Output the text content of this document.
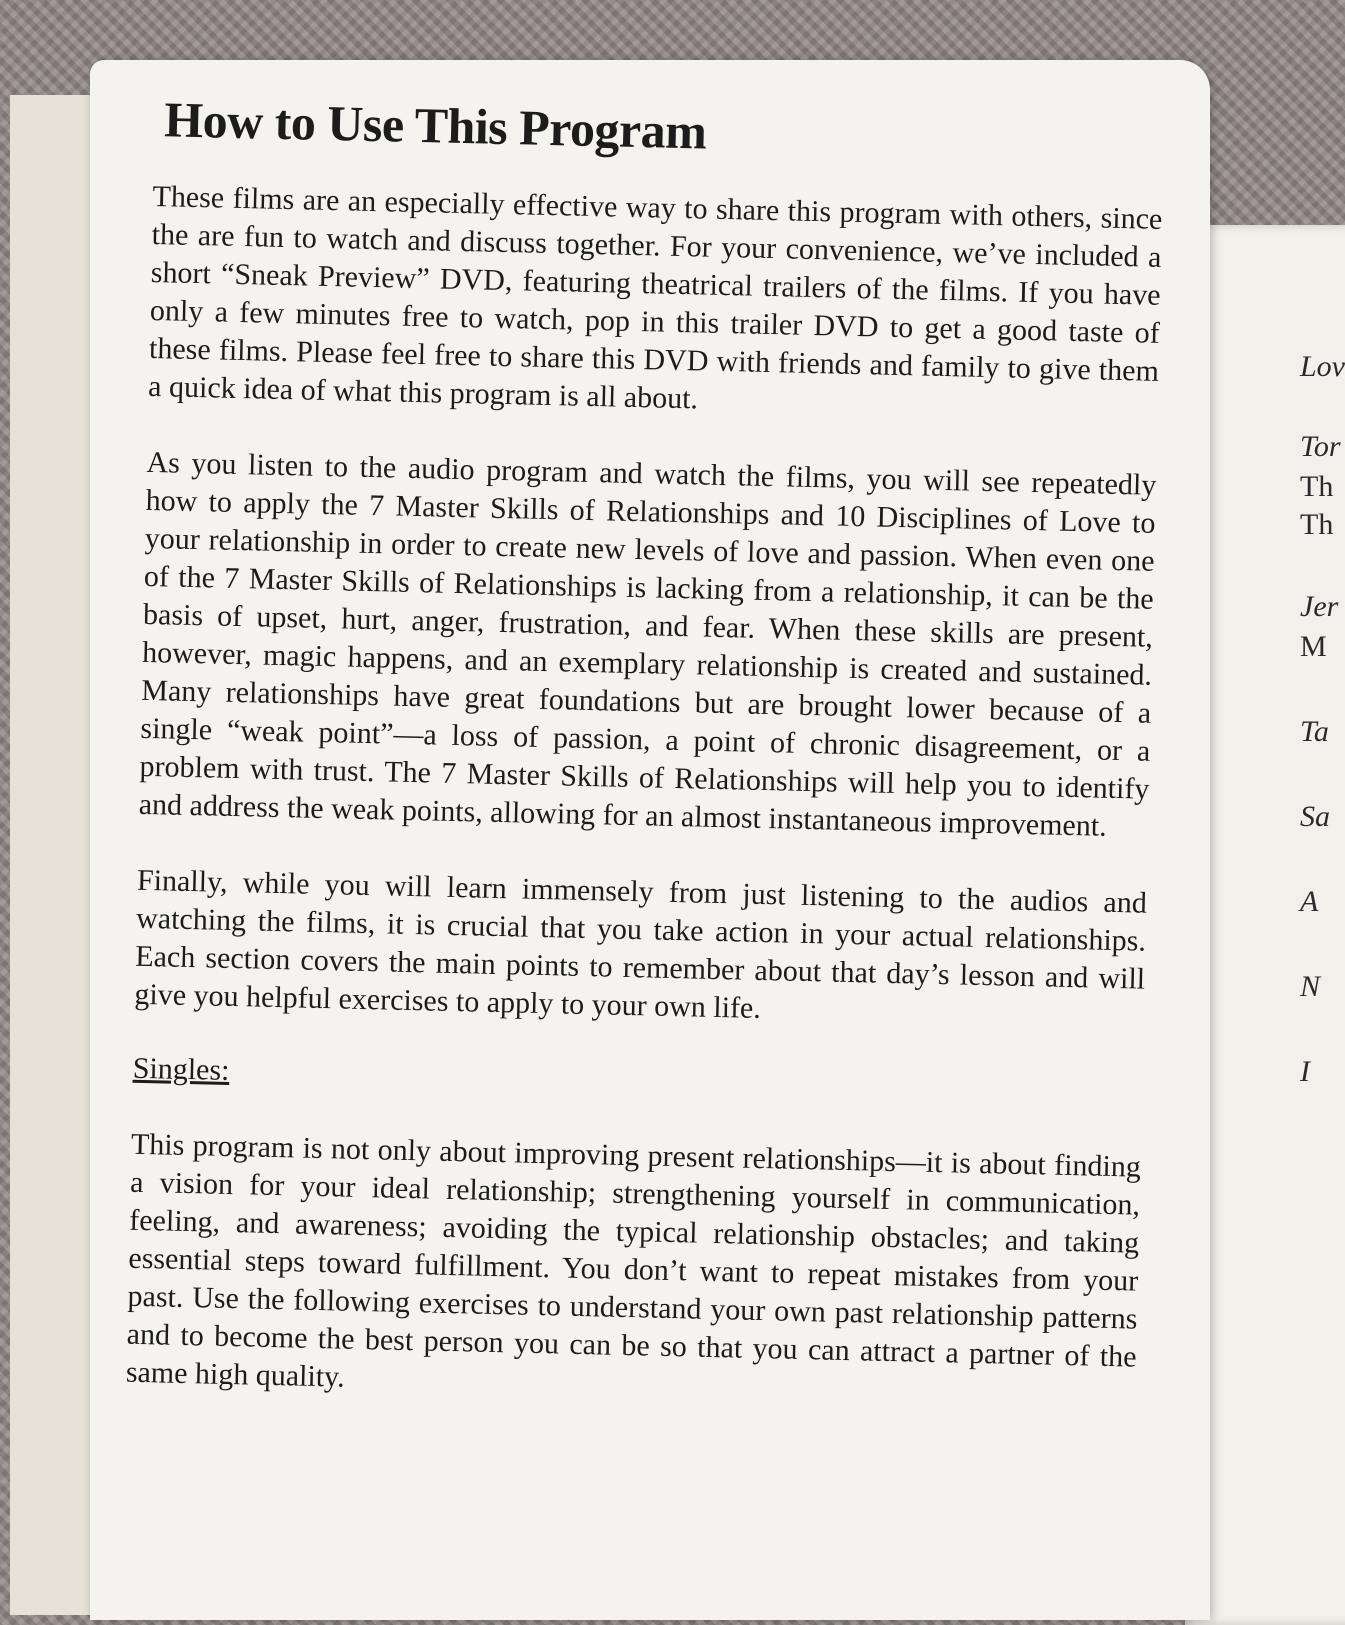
Lov
Tor
Th
Th
Jer
M
Ta
Sa
A
N
I
How to Use This Program

These films are an especially effective way to share this program with others, since the are fun to watch and discuss together. For your convenience, we’ve included a short “Sneak Preview” DVD, featuring theatrical trailers of the films. If you have only a few minutes free to watch, pop in this trailer DVD to get a good taste of these films. Please feel free to share this DVD with friends and family to give them a quick idea of what this program is all about.

As you listen to the audio program and watch the films, you will see repeatedly how to apply the 7 Master Skills of Relationships and 10 Disciplines of Love to your relationship in order to create new levels of love and passion. When even one of the 7 Master Skills of Relationships is lacking from a relationship, it can be the basis of upset, hurt, anger, frustration, and fear. When these skills are present, however, magic happens, and an exemplary relationship is created and sustained. Many relationships have great foundations but are brought lower because of a single “weak point”—a loss of passion, a point of chronic disagreement, or a problem with trust. The 7 Master Skills of Relationships will help you to identify and address the weak points, allowing for an almost instantaneous improvement.

Finally, while you will learn immensely from just listening to the audios and watching the films, it is crucial that you take action in your actual relationships. Each section covers the main points to remember about that day’s lesson and will give you helpful exercises to apply to your own life.

Singles:

This program is not only about improving present relationships—it is about finding a vision for your ideal relationship; strengthening yourself in communication, feeling, and awareness; avoiding the typical relationship obstacles; and taking essential steps toward fulfillment. You don’t want to repeat mistakes from your past. Use the following exercises to understand your own past relationship patterns and to become the best person you can be so that you can attract a partner of the same high quality.
